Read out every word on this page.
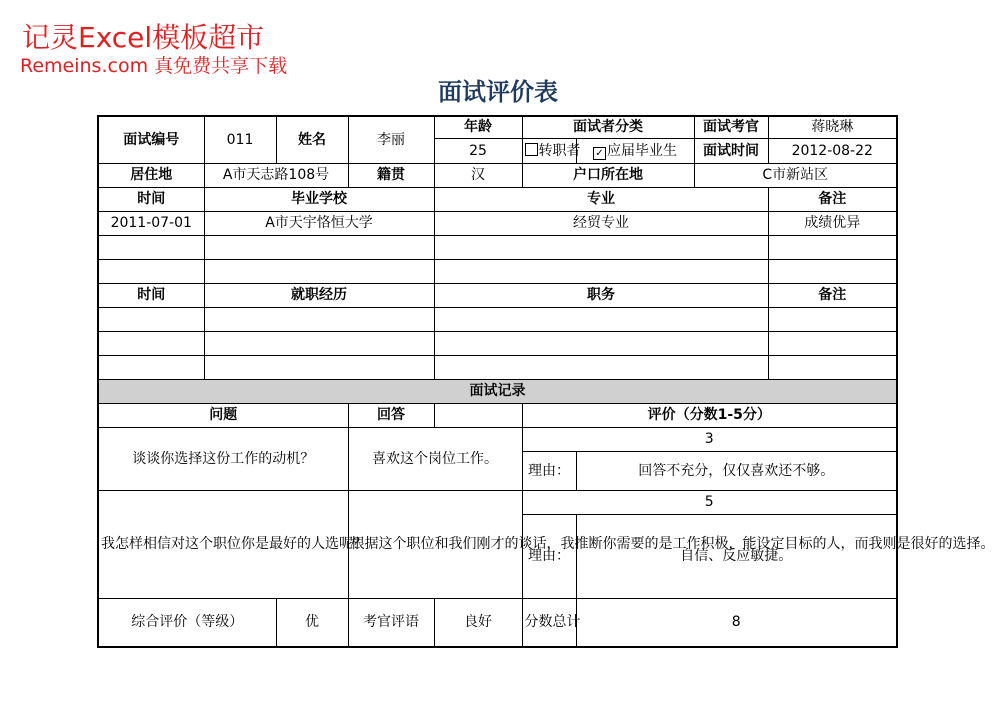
记灵Excel模板超市
Remeins.com 真免费共享下载
面试评价表
面试编号	011	姓名	李丽	年龄	面试者分类		面试考官	蒋晓琳
				25	转职者	✓ 应届毕业生	面试时间	2012-08-22
居住地	A市天志路108号		籍贯	汉	户口所在地		C市新站区	
时间	毕业学校			专业				备注
2011-07-01	A市天宇恪恒大学			经贸专业				成绩优异

时间	就职经历			职务				备注

面试记录								
问题			回答		评价（分数1-5分）			
谈谈你选择这份工作的动机？			喜欢这个岗位工作。		3			
					理由：	回答不充分，仅仅喜欢还不够。		
我怎样相信对这个职位你是最好的人选呢？			根据这个职位和我们刚才的谈话，我推断你需要的是工作积极，能设定目标的人，而我则是很好的选择。		5			
					理由：	自信、反应敏捷。		
综合评价（等级）		优	考官评语	良好	分数总计	8		
